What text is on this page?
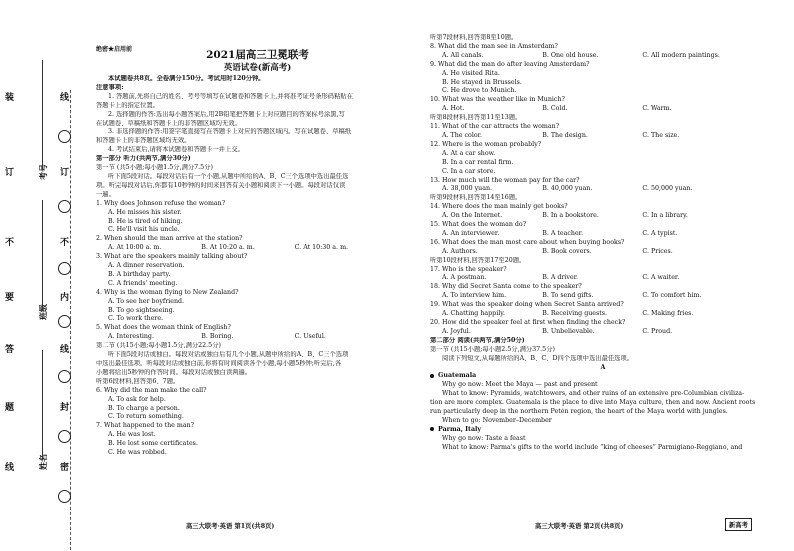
考号
班级
姓名
线
订
不
内
线
封
密
装
订
不
要
答
题
线
绝密★启用前	2021届高三卫冕联考
英语试卷(新高考)
本试题卷共8页。全卷满分150分。考试用时120分钟。
注意事项:
1. 答题前,先将自己的姓名、考号等填写在试题卷和答题卡上,并将准考证号条形码粘贴在
答题卡上的指定位置。
2. 选择题的作答:选出每小题答案后,用2B铅笔把答题卡上对应题目的答案标号涂黑,写
在试题卷、草稿纸和答题卡上的非答题区域均无效。
3. 非选择题的作答:用签字笔直接写在答题卡上对应的答题区域内。写在试题卷、草稿纸
和答题卡上的非答题区域均无效。
4. 考试结束后,请将本试题卷和答题卡一并上交。
第一部分 听力(共两节,满分30分)
第一节 (共5小题;每小题1.5分,满分7.5分)
听下面5段对话。每段对话后有一个小题,从题中所给的A、B、C三个选项中选出最佳选
项。听完每段对话后,你都有10秒钟的时间来回答有关小题和阅读下一小题。每段对话仅读
一遍。
1. Why does Johnson refuse the woman?
A. He misses his sister.
B. He is tired of hiking.
C. He'll visit his uncle.
2. When should the man arrive at the station?
A. At 10:00 a. m.	B. At 10:20 a. m.	C. At 10:30 a. m.
3. What are the speakers mainly talking about?
A. A dinner reservation.
B. A birthday party.
C. A friends' meeting.
4. Why is the woman flying to New Zealand?
A. To see her boyfriend.
B. To go sightseeing.
C. To work there.
5. What does the woman think of English?
A. Interesting.	B. Boring.	C. Useful.
第二节 (共15小题;每小题1.5分,满分22.5分)
听下面5段对话或独白。每段对话或独白后有几个小题,从题中所给的A、B、C三个选项
中选出最佳选项。听每段对话或独白前,你将有时间阅读各个小题,每小题5秒钟;听完后,各
小题将给出5秒钟的作答时间。每段对话或独白读两遍。
听第6段材料,回答第6、7题。
6. Why did the man make the call?
A. To ask for help.
B. To charge a person.
C. To return something.
7. What happened to the man?
A. He was lost.
B. He lost some certificates.
C. He was robbed.
听第7段材料,回答第8至10题。
8. What did the man see in Amsterdam?
A. All canals.	B. One old house.	C. All modern paintings.
9. What did the man do after leaving Amsterdam?
A. He visited Rita.
B. He stayed in Brussels.
C. He drove to Munich.
10. What was the weather like in Munich?
A. Hot.	B. Cold.	C. Warm.
听第8段材料,回答第11至13题。
11. What of the car attracts the woman?
A. The color.	B. The design.	C. The size.
12. Where is the woman probably?
A. At a car show.
B. In a car rental firm.
C. In a car store.
13. How much will the woman pay for the car?
A. 38,000 yuan.	B. 40,000 yuan.	C. 50,000 yuan.
听第9段材料,回答第14至16题。
14. Where does the man mainly get books?
A. On the Internet.	B. In a bookstore.	C. In a library.
15. What does the woman do?
A. An interviewer.	B. A teacher.	C. A typist.
16. What does the man most care about when buying books?
A. Authors.	B. Book covers.	C. Prices.
听第10段材料,回答第17至20题。
17. Who is the speaker?
A. A postman.	B. A driver.	C. A waiter.
18. Why did Secret Santa come to the speaker?
A. To interview him.	B. To send gifts.	C. To comfort him.
19. What was the speaker doing when Secret Santa arrived?
A. Chatting happily.	B. Receiving guests.	C. Making fries.
20. How did the speaker feel at first when finding the check?
A. Joyful.	B. Unbelievable.	C. Proud.
第二部分 阅读(共两节,满分50分)
第一节 (共15小题;每小题2.5分,满分37.5分)
阅读下列短文,从每题所给的A、B、C、D四个选项中选出最佳选项。
A
Guatemala
Why go now: Meet the Maya — past and present
What to know: Pyramids, watchtowers, and other ruins of an extensive pre-Columbian civiliza-
tion are more complex. Guatemala is the place to dive into Maya culture, then and now. Ancient roots
run particularly deep in the northern Petén region, the heart of the Maya world with jungles.
When to go: November–December
Parma, Italy
Why go now: Taste a feast
What to know: Parma's gifts to the world include “king of cheeses” Parmigiano-Reggiano, and
高三大联考·英语 第1页(共8页)	高三大联考·英语 第2页(共8页)	新高考
